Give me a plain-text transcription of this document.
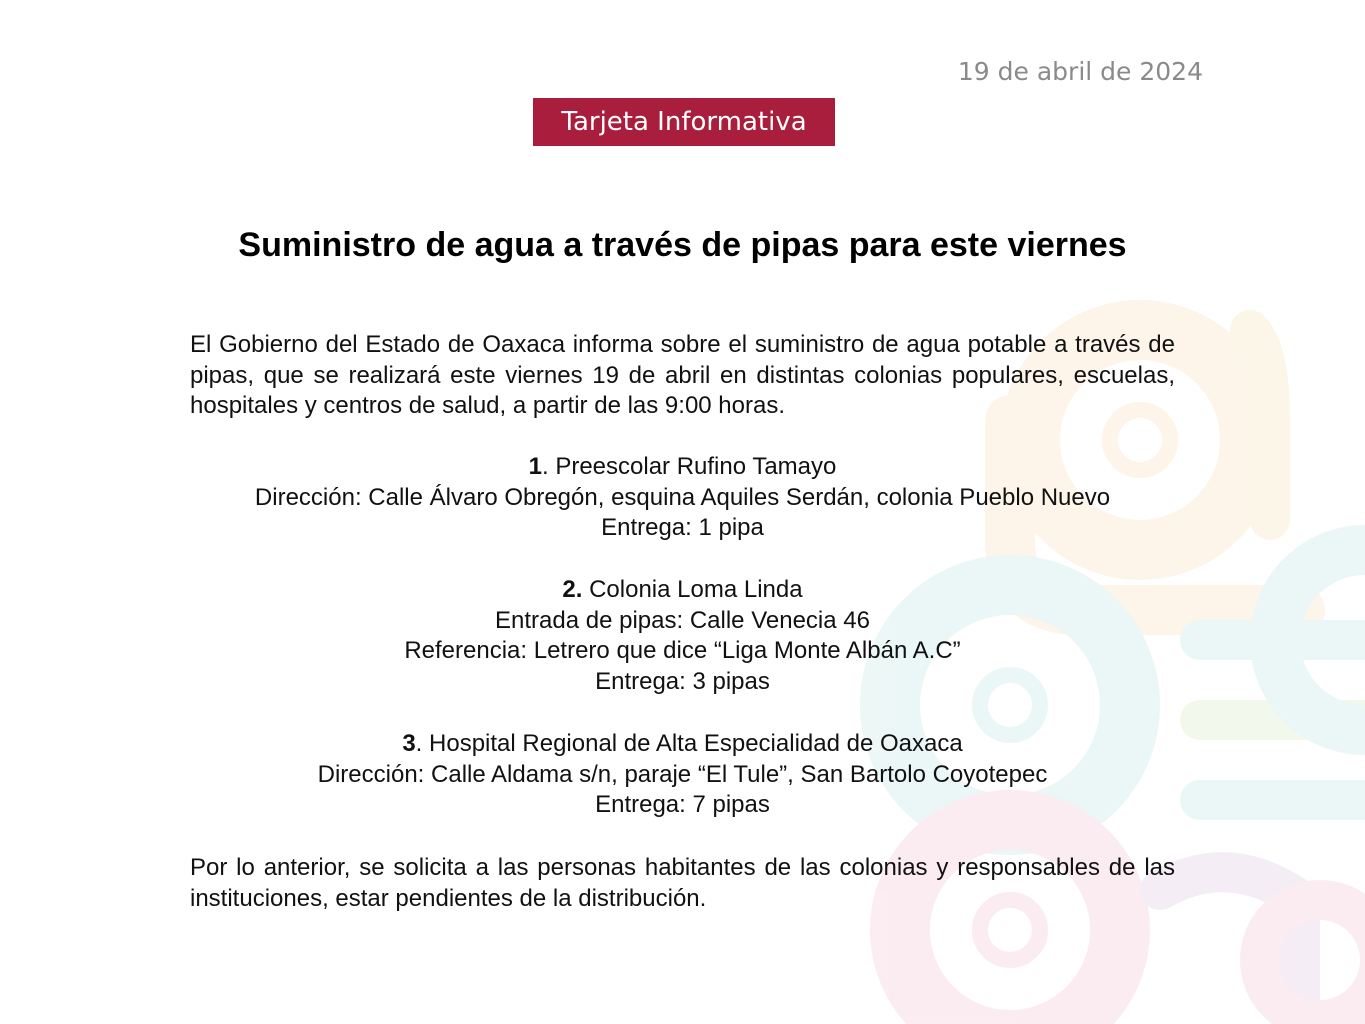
19 de abril de 2024
Tarjeta Informativa
Suministro de agua a través de pipas para este viernes

El Gobierno del Estado de Oaxaca informa sobre el suministro de agua potable a través de pipas, que se realizará este viernes 19 de abril en distintas colonias populares, escuelas, hospitales y centros de salud, a partir de las 9:00 horas.

1. Preescolar Rufino Tamayo
Dirección: Calle Álvaro Obregón, esquina Aquiles Serdán, colonia Pueblo Nuevo
Entrega: 1 pipa
2. Colonia Loma Linda
Entrada de pipas: Calle Venecia 46
Referencia: Letrero que dice “Liga Monte Albán A.C”
Entrega: 3 pipas
3. Hospital Regional de Alta Especialidad de Oaxaca
Dirección: Calle Aldama s/n, paraje “El Tule”, San Bartolo Coyotepec
Entrega: 7 pipas

Por lo anterior, se solicita a las personas habitantes de las colonias y responsables de las instituciones, estar pendientes de la distribución.
